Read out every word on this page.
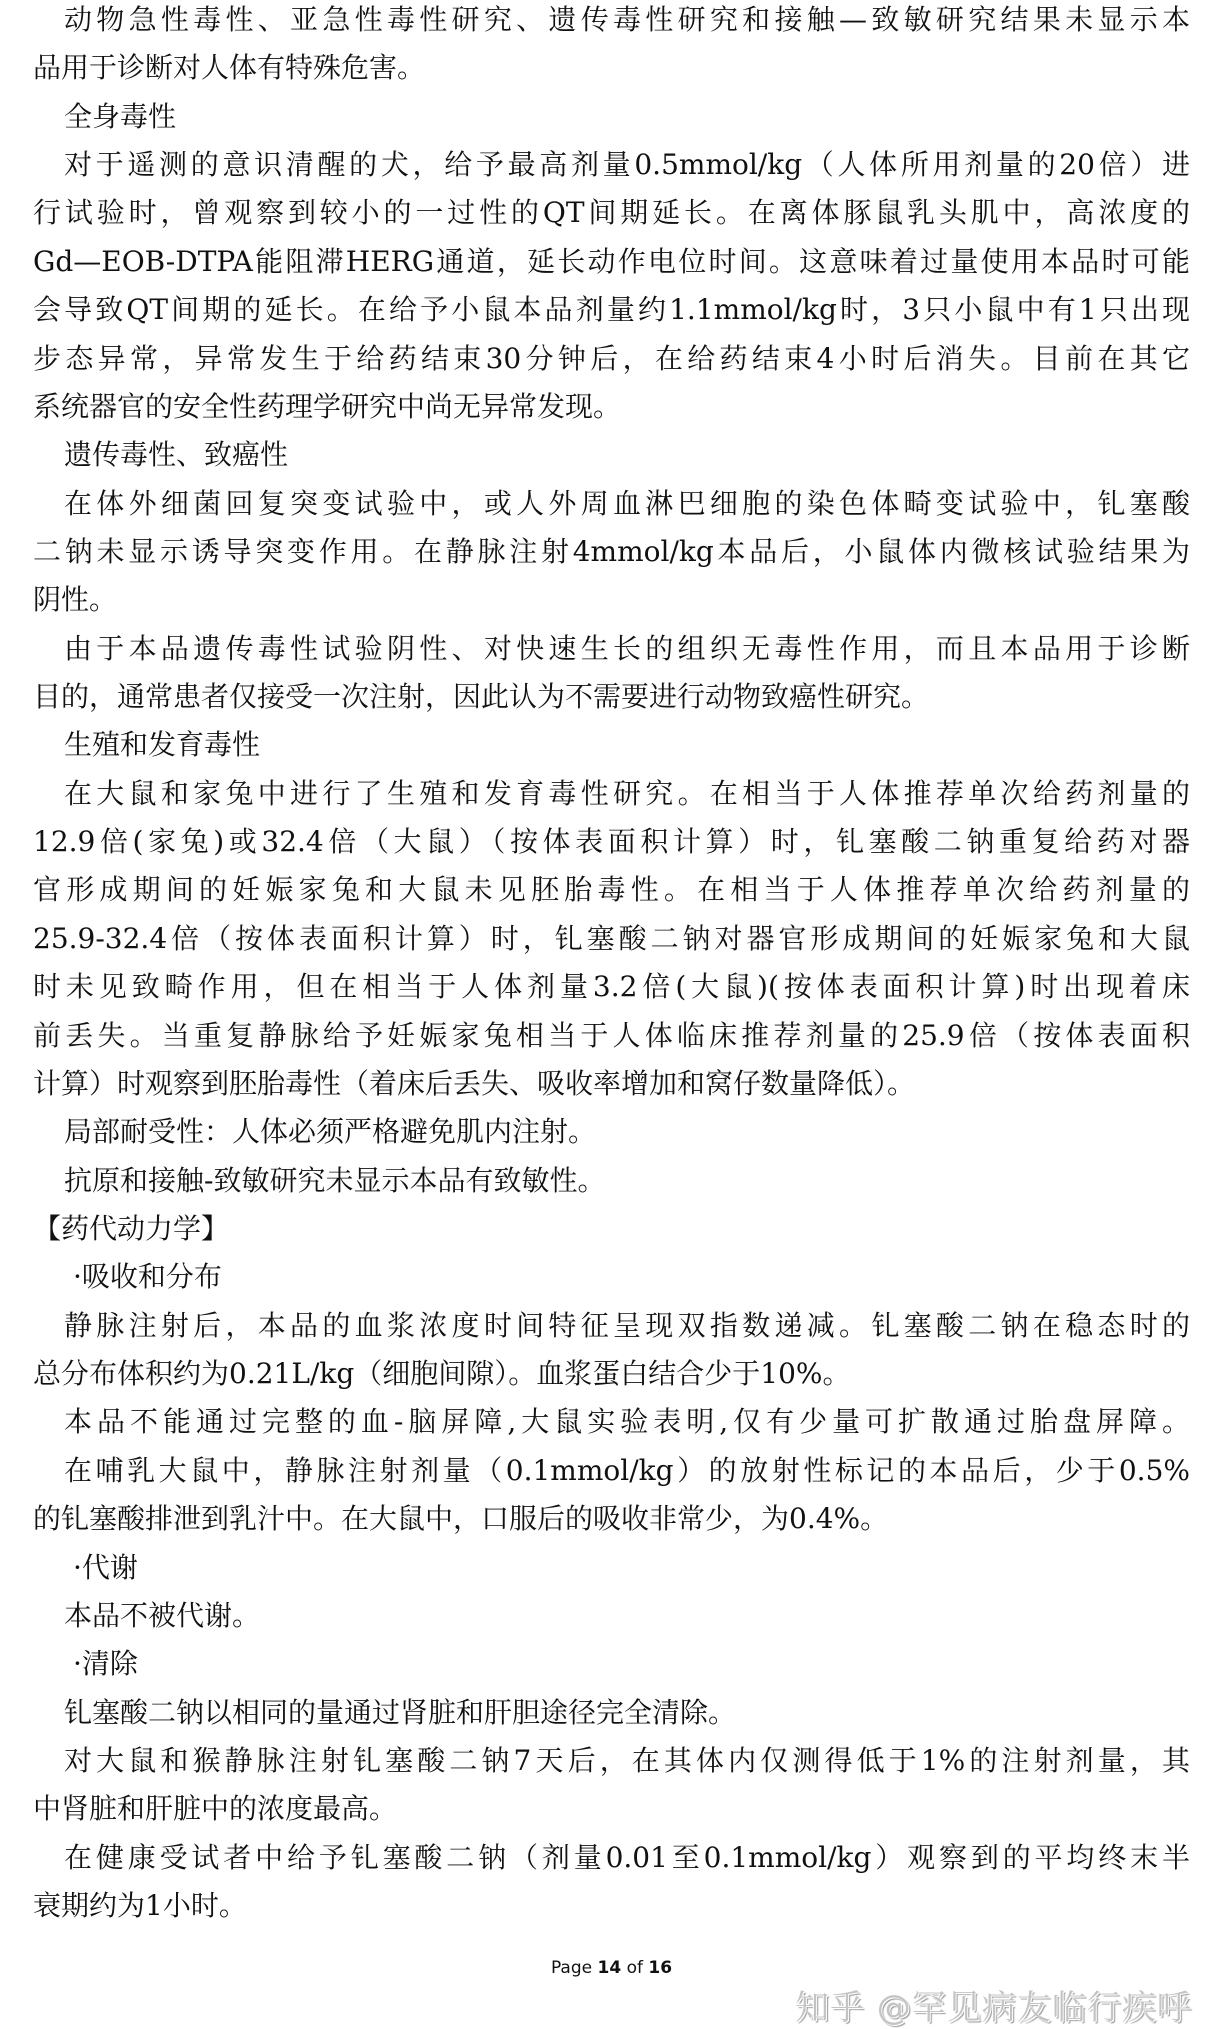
动物急性毒性、亚急性毒性研究、遗传毒性研究和接触—致敏研究结果未显示本
品用于诊断对人体有特殊危害。
全身毒性
对于遥测的意识清醒的犬，给予最高剂量0.5mmol/kg（人体所用剂量的20倍）进
行试验时，曾观察到较小的一过性的QT间期延长。在离体豚鼠乳头肌中，高浓度的
Gd—EOB-DTPA能阻滞HERG通道，延长动作电位时间。这意味着过量使用本品时可能
会导致QT间期的延长。在给予小鼠本品剂量约1.1mmol/kg时，3只小鼠中有1只出现
步态异常，异常发生于给药结束30分钟后，在给药结束4小时后消失。目前在其它
系统器官的安全性药理学研究中尚无异常发现。
遗传毒性、致癌性
在体外细菌回复突变试验中，或人外周血淋巴细胞的染色体畸变试验中，钆塞酸
二钠未显示诱导突变作用。在静脉注射4mmol/kg本品后，小鼠体内微核试验结果为
阴性。
由于本品遗传毒性试验阴性、对快速生长的组织无毒性作用，而且本品用于诊断
目的，通常患者仅接受一次注射，因此认为不需要进行动物致癌性研究。
生殖和发育毒性
在大鼠和家兔中进行了生殖和发育毒性研究。在相当于人体推荐单次给药剂量的
12.9倍(家兔)或32.4倍（大鼠）（按体表面积计算）时，钆塞酸二钠重复给药对器
官形成期间的妊娠家兔和大鼠未见胚胎毒性。在相当于人体推荐单次给药剂量的
25.9-32.4倍（按体表面积计算）时，钆塞酸二钠对器官形成期间的妊娠家兔和大鼠
时未见致畸作用，但在相当于人体剂量3.2倍(大鼠)(按体表面积计算)时出现着床
前丢失。当重复静脉给予妊娠家兔相当于人体临床推荐剂量的25.9倍（按体表面积
计算）时观察到胚胎毒性（着床后丢失、吸收率增加和窝仔数量降低）。
局部耐受性：人体必须严格避免肌内注射。
抗原和接触-致敏研究未显示本品有致敏性。
【药代动力学】
·吸收和分布
静脉注射后，本品的血浆浓度时间特征呈现双指数递减。钆塞酸二钠在稳态时的
总分布体积约为0.21L/kg（细胞间隙）。血浆蛋白结合少于10%。
本品不能通过完整的血-脑屏障,大鼠实验表明,仅有少量可扩散通过胎盘屏障。
在哺乳大鼠中，静脉注射剂量（0.1mmol/kg）的放射性标记的本品后，少于0.5%
的钆塞酸排泄到乳汁中。在大鼠中，口服后的吸收非常少，为0.4%。
·代谢
本品不被代谢。
·清除
钆塞酸二钠以相同的量通过肾脏和肝胆途径完全清除。
对大鼠和猴静脉注射钆塞酸二钠7天后，在其体内仅测得低于1%的注射剂量，其
中肾脏和肝脏中的浓度最高。
在健康受试者中给予钆塞酸二钠（剂量0.01至0.1mmol/kg）观察到的平均终末半
衰期约为1小时。
Page 14 of 16
知乎 @罕见病友临行疾呼
